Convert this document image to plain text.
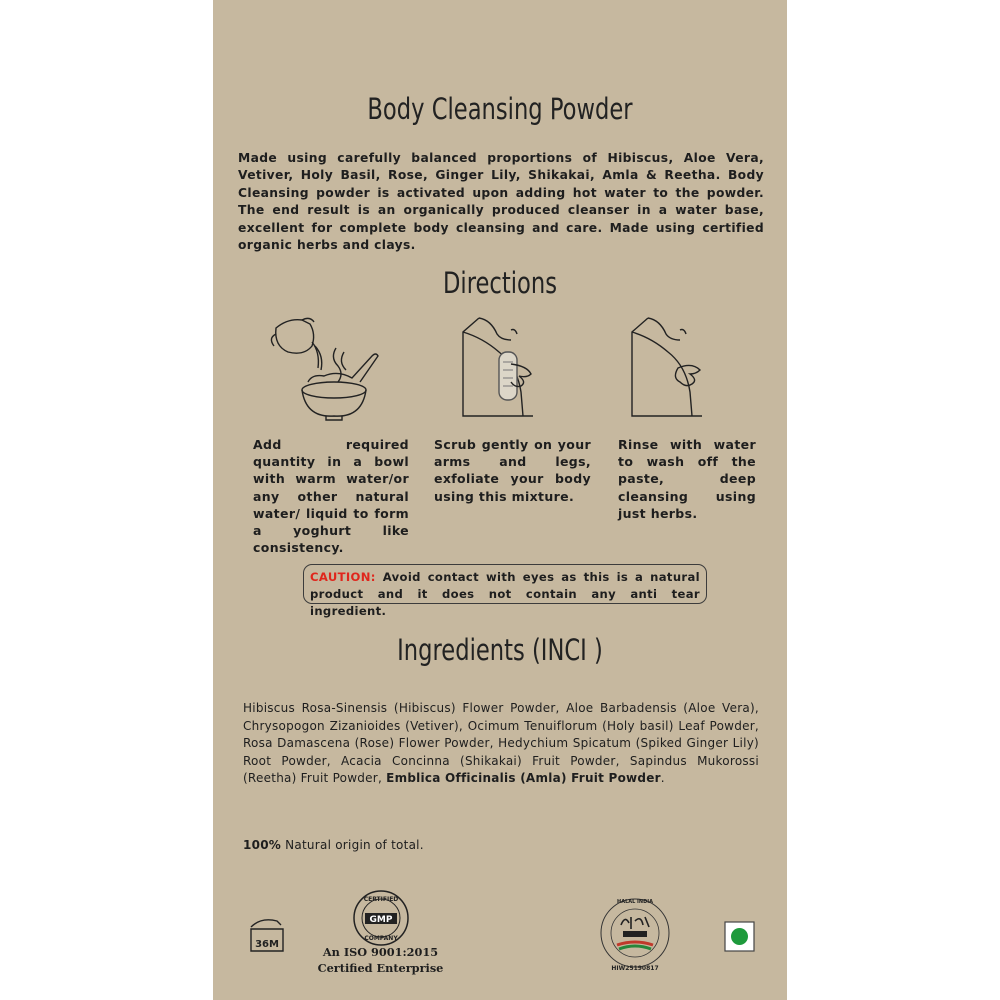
Body Cleansing Powder
Made using carefully balanced proportions of Hibiscus, Aloe Vera, Vetiver, Holy Basil, Rose, Ginger Lily, Shikakai, Amla & Reetha. Body Cleansing powder is activated upon adding hot water to the powder. The end result is an organically produced cleanser in a water base, excellent for complete body cleansing and care. Made using certified organic herbs and clays.
Directions
Add required quantity in a bowl with warm water/or any other natural water/ liquid to form a yoghurt like consistency.
Scrub gently on your arms and legs, exfoliate your body using this mixture.
Rinse with water to wash off the paste, deep cleansing using just herbs.
CAUTION: Avoid contact with eyes as this is a natural product and it does not contain any anti tear ingredient.
Ingredients (INCI )
Hibiscus Rosa-Sinensis (Hibiscus) Flower Powder, Aloe Barbadensis (Aloe Vera), Chrysopogon Zizanioides (Vetiver), Ocimum Tenuiflorum (Holy basil) Leaf Powder, Rosa Damascena (Rose) Flower Powder, Hedychium Spicatum (Spiked Ginger Lily) Root Powder, Acacia Concinna (Shikakai) Fruit Powder, Sapindus Mukorossi (Reetha) Fruit Powder, Emblica Officinalis (Amla) Fruit Powder.
100% Natural origin of total.
36M
CERTIFIED
GMP
COMPANY
An ISO 9001:2015
Certified Enterprise
HALAL INDIA
HIW25190817
